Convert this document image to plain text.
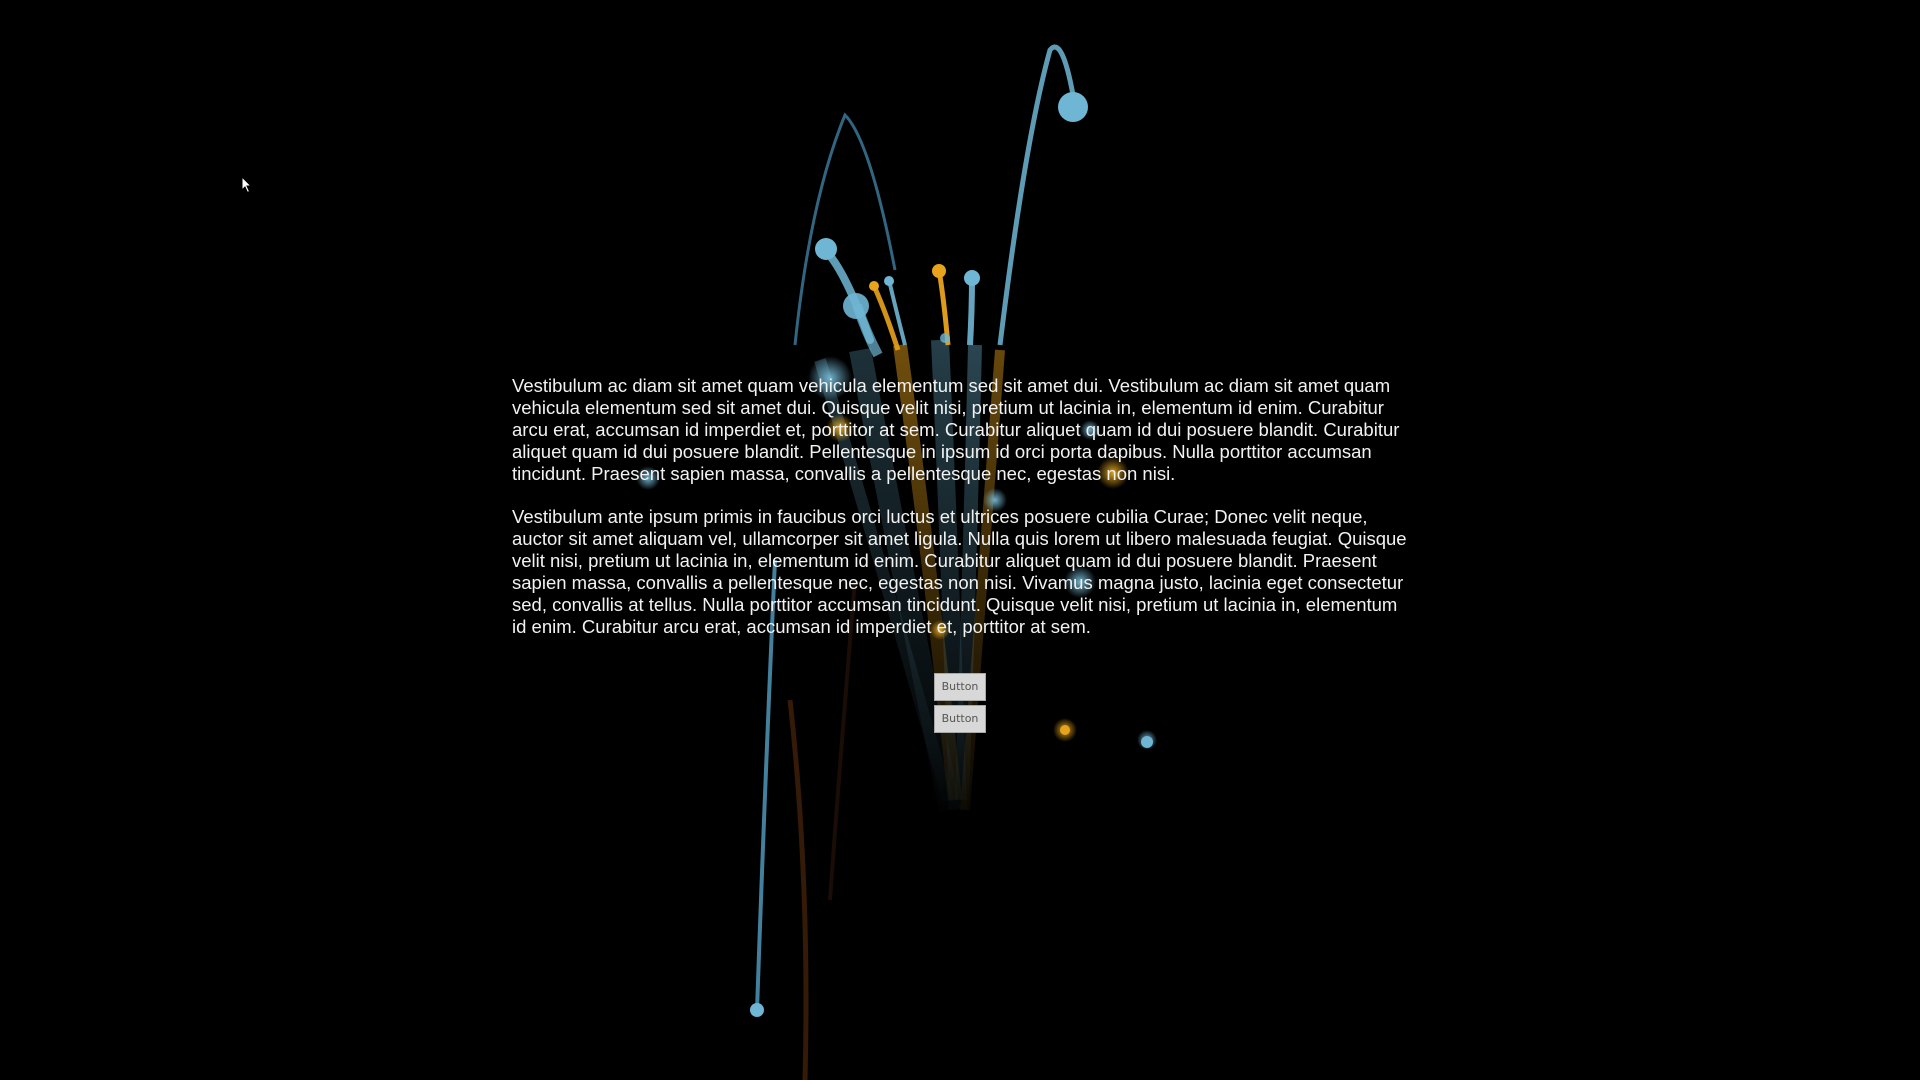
Vestibulum ac diam sit amet quam vehicula elementum sed sit amet dui. Vestibulum ac diam sit amet quam vehicula elementum sed sit amet dui. Quisque velit nisi, pretium ut lacinia in, elementum id enim. Curabitur arcu erat, accumsan id imperdiet et, porttitor at sem. Curabitur aliquet quam id dui posuere blandit. Curabitur aliquet quam id dui posuere blandit. Pellentesque in ipsum id orci porta dapibus. Nulla porttitor accumsan tincidunt. Praesent sapien massa, convallis a pellentesque nec, egestas non nisi.

Vestibulum ante ipsum primis in faucibus orci luctus et ultrices posuere cubilia Curae; Donec velit neque, auctor sit amet aliquam vel, ullamcorper sit amet ligula. Nulla quis lorem ut libero malesuada feugiat. Quisque velit nisi, pretium ut lacinia in, elementum id enim. Curabitur aliquet quam id dui posuere blandit. Praesent sapien massa, convallis a pellentesque nec, egestas non nisi. Vivamus magna justo, lacinia eget consectetur sed, convallis at tellus. Nulla porttitor accumsan tincidunt. Quisque velit nisi, pretium ut lacinia in, elementum id enim. Curabitur arcu erat, accumsan id imperdiet et, porttitor at sem.

Button
Button
